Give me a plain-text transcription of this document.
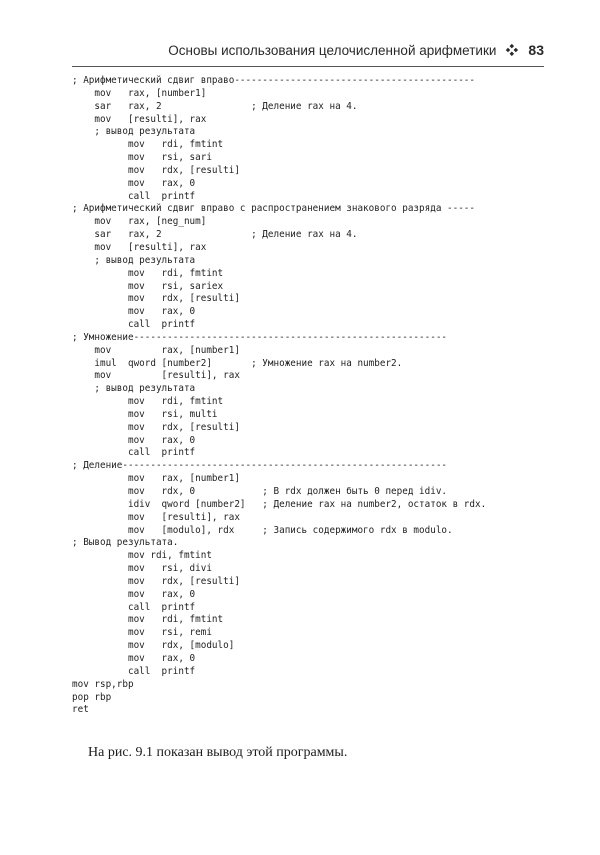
Основы использования целочисленной арифметики 83
; Арифметический сдвиг вправо-------------------------------------------
mov   rax, [number1]
sar   rax, 2                ; Деление rax на 4.
mov   [resulti], rax
; вывод результата
mov   rdi, fmtint
mov   rsi, sari
mov   rdx, [resulti]
mov   rax, 0
call  printf
; Арифметический сдвиг вправо с распространением знакового разряда -----
mov   rax, [neg_num]
sar   rax, 2                ; Деление rax на 4.
mov   [resulti], rax
; вывод результата
mov   rdi, fmtint
mov   rsi, sariex
mov   rdx, [resulti]
mov   rax, 0
call  printf
; Умножение--------------------------------------------------------
mov         rax, [number1]
imul  qword [number2]       ; Умножение rax на number2.
mov         [resulti], rax
; вывод результата
mov   rdi, fmtint
mov   rsi, multi
mov   rdx, [resulti]
mov   rax, 0
call  printf
; Деление----------------------------------------------------------
mov   rax, [number1]
mov   rdx, 0            ; В rdx должен быть 0 перед idiv.
idiv  qword [number2]   ; Деление rax на number2, остаток в rdx.
mov   [resulti], rax
mov   [modulo], rdx     ; Запись содержимого rdx в modulo.
; Вывод результата.
mov rdi, fmtint
mov   rsi, divi
mov   rdx, [resulti]
mov   rax, 0
call  printf
mov   rdi, fmtint
mov   rsi, remi
mov   rdx, [modulo]
mov   rax, 0
call  printf
mov rsp,rbp
pop rbp
ret

На рис. 9.1 показан вывод этой программы.
